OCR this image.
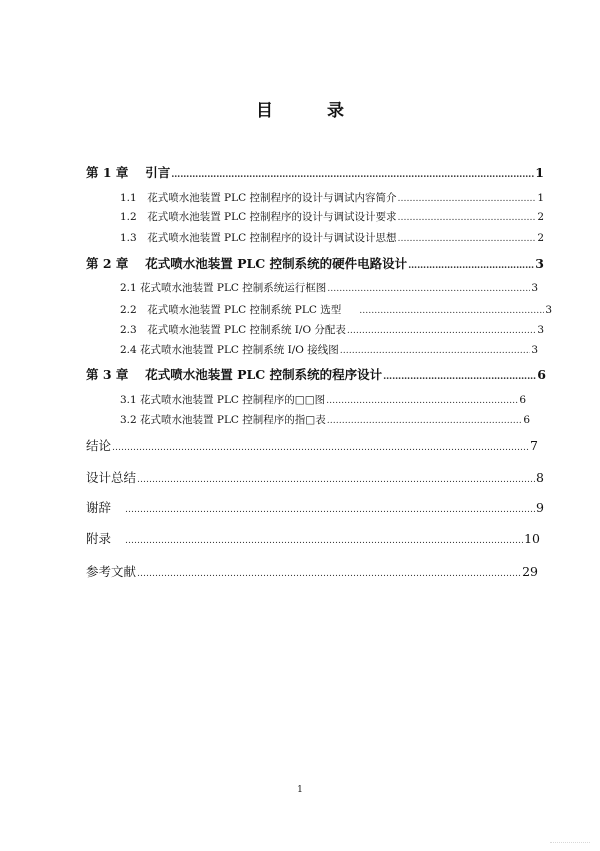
目 录
第 1 章　 引言 …………………………………………………………………………………………………………………………………………………………………………………………………………………………	1
1.1　花式喷水池装置 PLC 控制程序的设计与调试内容简介 …………………………………………………………………………………………………………………………………………………………………………………………………………………………	1
1.2　花式喷水池装置 PLC 控制程序的设计与调试设计要求 …………………………………………………………………………………………………………………………………………………………………………………………………………………………	2
1.3　花式喷水池装置 PLC 控制程序的设计与调试设计思想 …………………………………………………………………………………………………………………………………………………………………………………………………………………………	2
第 2 章　 花式喷水池装置 PLC 控制系统的硬件电路设计 …………………………………………………………………………………………………………………………………………………………………………………………………………………………	3
2.1 花式喷水池装置 PLC 控制系统运行框图 …………………………………………………………………………………………………………………………………………………………………………………………………………………………	3
2.2　花式喷水池装置 PLC 控制系统 PLC 选型 …………………………………………………………………………………………………………………………………………………………………………………………………………………………	3
2.3　花式喷水池装置 PLC 控制系统 I/O 分配表 …………………………………………………………………………………………………………………………………………………………………………………………………………………………	3
2.4 花式喷水池装置 PLC 控制系统 I/O 接线图 …………………………………………………………………………………………………………………………………………………………………………………………………………………………	3
第 3 章　 花式喷水池装置 PLC 控制系统的程序设计 …………………………………………………………………………………………………………………………………………………………………………………………………………………………	6
3.1 花式喷水池装置 PLC 控制程序的□□图 …………………………………………………………………………………………………………………………………………………………………………………………………………………………	6
3.2 花式喷水池装置 PLC 控制程序的指□表 …………………………………………………………………………………………………………………………………………………………………………………………………………………………	6
结论 …………………………………………………………………………………………………………………………………………………………………………………………………………………………	7
设计总结 …………………………………………………………………………………………………………………………………………………………………………………………………………………………	8
谢辞 …………………………………………………………………………………………………………………………………………………………………………………………………………………………	9
附录 …………………………………………………………………………………………………………………………………………………………………………………………………………………………	10
参考文献 …………………………………………………………………………………………………………………………………………………………………………………………………………………………	29
1
